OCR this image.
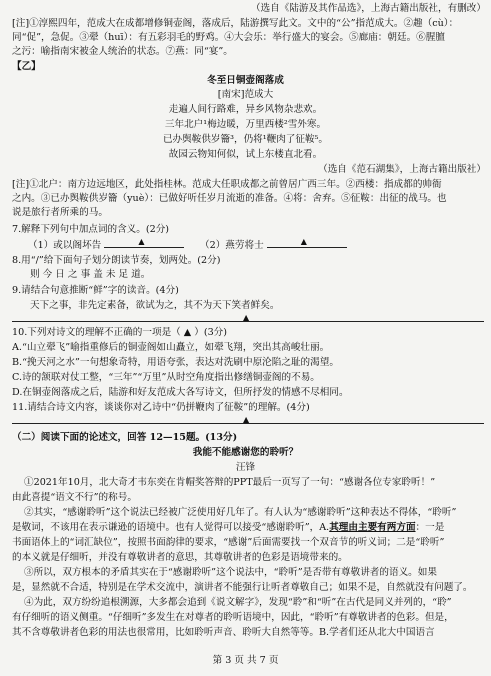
（选自《陆游及其作品选》，上海古籍出版社，有删改）
[注]①淳熙四年，范成大在成都增修铜壶阁，落成后，陆游撰写此文。文中的“公”指范成大。②趣（cù）：
同“促”，急促。③翚（huī）：有五彩羽毛的野鸡。④大会乐：举行盛大的宴会。⑤廊庙：朝廷。⑥腥膻
之污：喻指南宋被金人统治的状态。⑦燕：同“宴”。
【乙】
冬至日铜壶阁落成
[南宋]范成大
走遍人间行路难，异乡风物杂悲欢。
三年北户¹梅边暖，万里西楼²雪外寒。
已办舆鞍供岁籥³，仍将¹鞭肉了征鞍⁵。
故园云物知何似，试上东楼直北看。
（选自《范石湖集》，上海古籍出版社）
[注]①北户：南方边远地区，此处指桂林。范成大任职成都之前曾居广西三年。②西楼：指成都的帅衙
之内。③已办舆鞍供岁籥（yuè）：已做好听任岁月流逝的准备。④将：舍弃。⑤征鞍：出征的战马。也
说是旅行者所乘的马。
7.解释下列句中加点词的含义。(2分)
（1）或以阁坏告	▲	（2）燕劳将士	▲
8.用“/”给下面句子划分朗读节奏，划两处。(2分)
则 今 日 之 事 盖 未 足 道。
9.请结合句意推断“鲜”字的读音。(4分)
天下之事，非先定素备，欲试为之，其不为天下笑者鲜矣。
▲
10.下列对诗文的理解不正确的一项是（ ▲ ）(3分)
A.“山立翚飞”喻指重修后的铜壶阁如山矗立，如翚飞翔，突出其高峻壮丽。
B.“挽天河之水”一句想象奇特，用语夸张，表达对洗刷中原沦陷之耻的渴望。
C.诗的颔联对仗工整，“三年”“万里”从时空角度指出修缮铜壶阁的不易。
D.在铜壶阁落成之后，陆游和好友范成大各写诗文，但所抒发的情感不尽相同。
11.请结合诗文内容，谈谈你对乙诗中“仍拼鞭肉了征鞍”的理解。(4分)
▲
（二）阅读下面的论述文，回答 12—15题。(13分)
我能不能感谢您的聆听？
汪锋
①2021年10月，北大奇才韦东奕在肯帽奖答辩的PPT最后一页写了一句：“感谢各位专家聆听！”
由此喜提“语文不行”的称号。
②其实，“感谢聆听”这个说法已经被广泛使用好几年了。有人认为“感谢聆听”这种表达不得体，“聆听”
是敬词，不该用在表示谦逊的语境中。也有人觉得可以接受“感谢聆听”，A.其理由主要有两方面：一是
书面语体上的“词汇缺位”，按照书面韵律的要求，“感谢”后面需要找一个双音节的听义词；二是“聆听”
的本义就是仔细听，并没有尊敬讲者的意思，其尊敬讲者的色彩是语境带来的。
③所以，双方根本的矛盾其实在于“感谢聆听”这个说法中，“聆听”是否带有尊敬讲者的语义。如果
是，显然就不合适，特别是在学术交流中，演讲者不能强行让听者尊敬自己；如果不是，自然就没有问题了。
④为此，双方纷纷追根溯源，大多都会追到《说文解字》，发现“聆”和“听”在古代是同义并列的，“聆”
有仔细听的语义侧重。“仔细听”多发生在对尊者的聆听语境中，因此，“聆听”有尊敬讲者的色彩。但是，
其不含尊敬讲者色彩的用法也很常用，比如聆听声音、聆听大自然等等。B.学者们还从北大中国语言
第 3 页 共 7 页
